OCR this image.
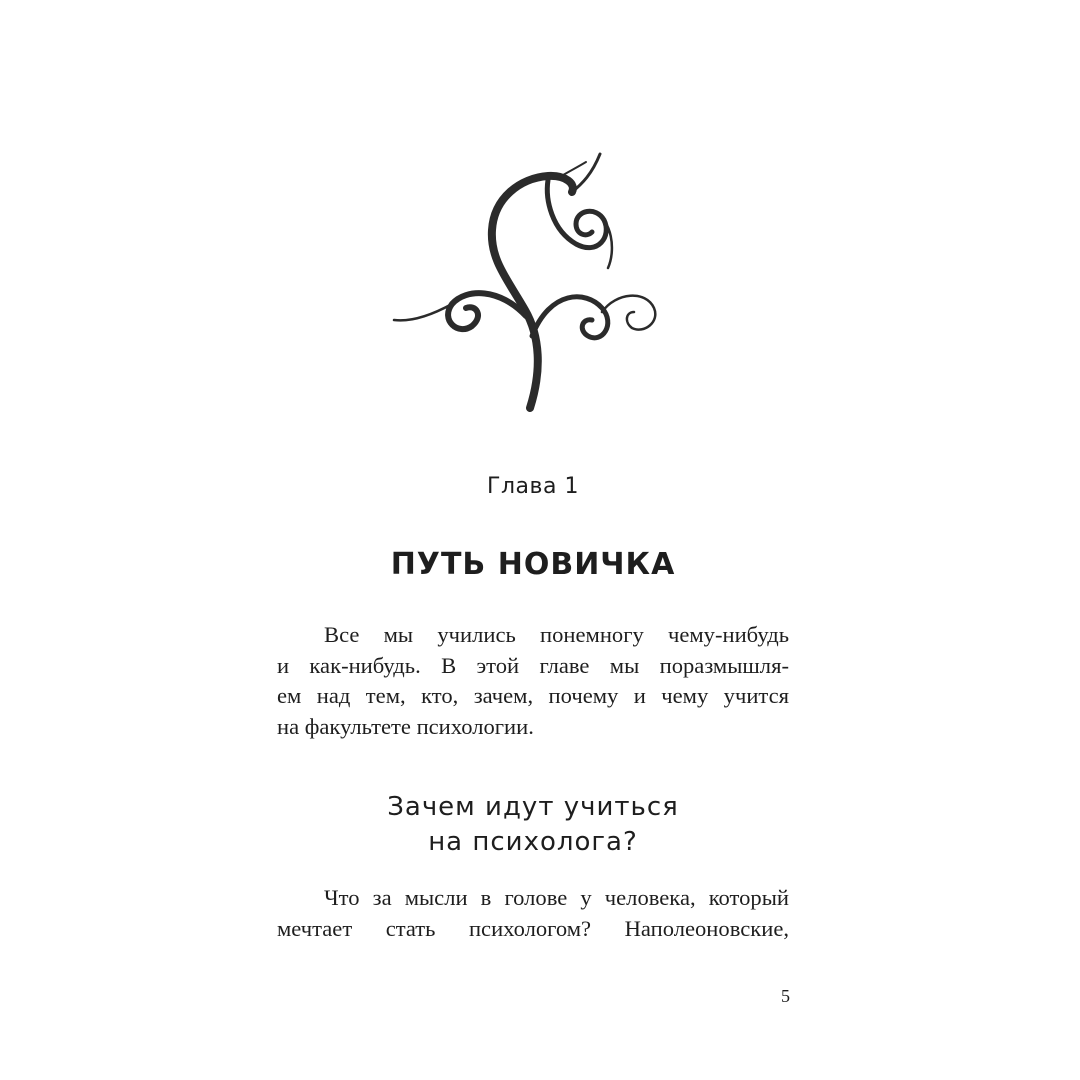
Глава 1
ПУТЬ НОВИЧКА

Все мы учились понемногу чему-нибудь
и как-нибудь. В этой главе мы поразмышля-
ем над тем, кто, зачем, почему и чему учится
на факультете психологии.

Зачем идут учиться
на психолога?

Что за мысли в голове у человека, который
мечтает стать психологом? Наполеоновские,

5
